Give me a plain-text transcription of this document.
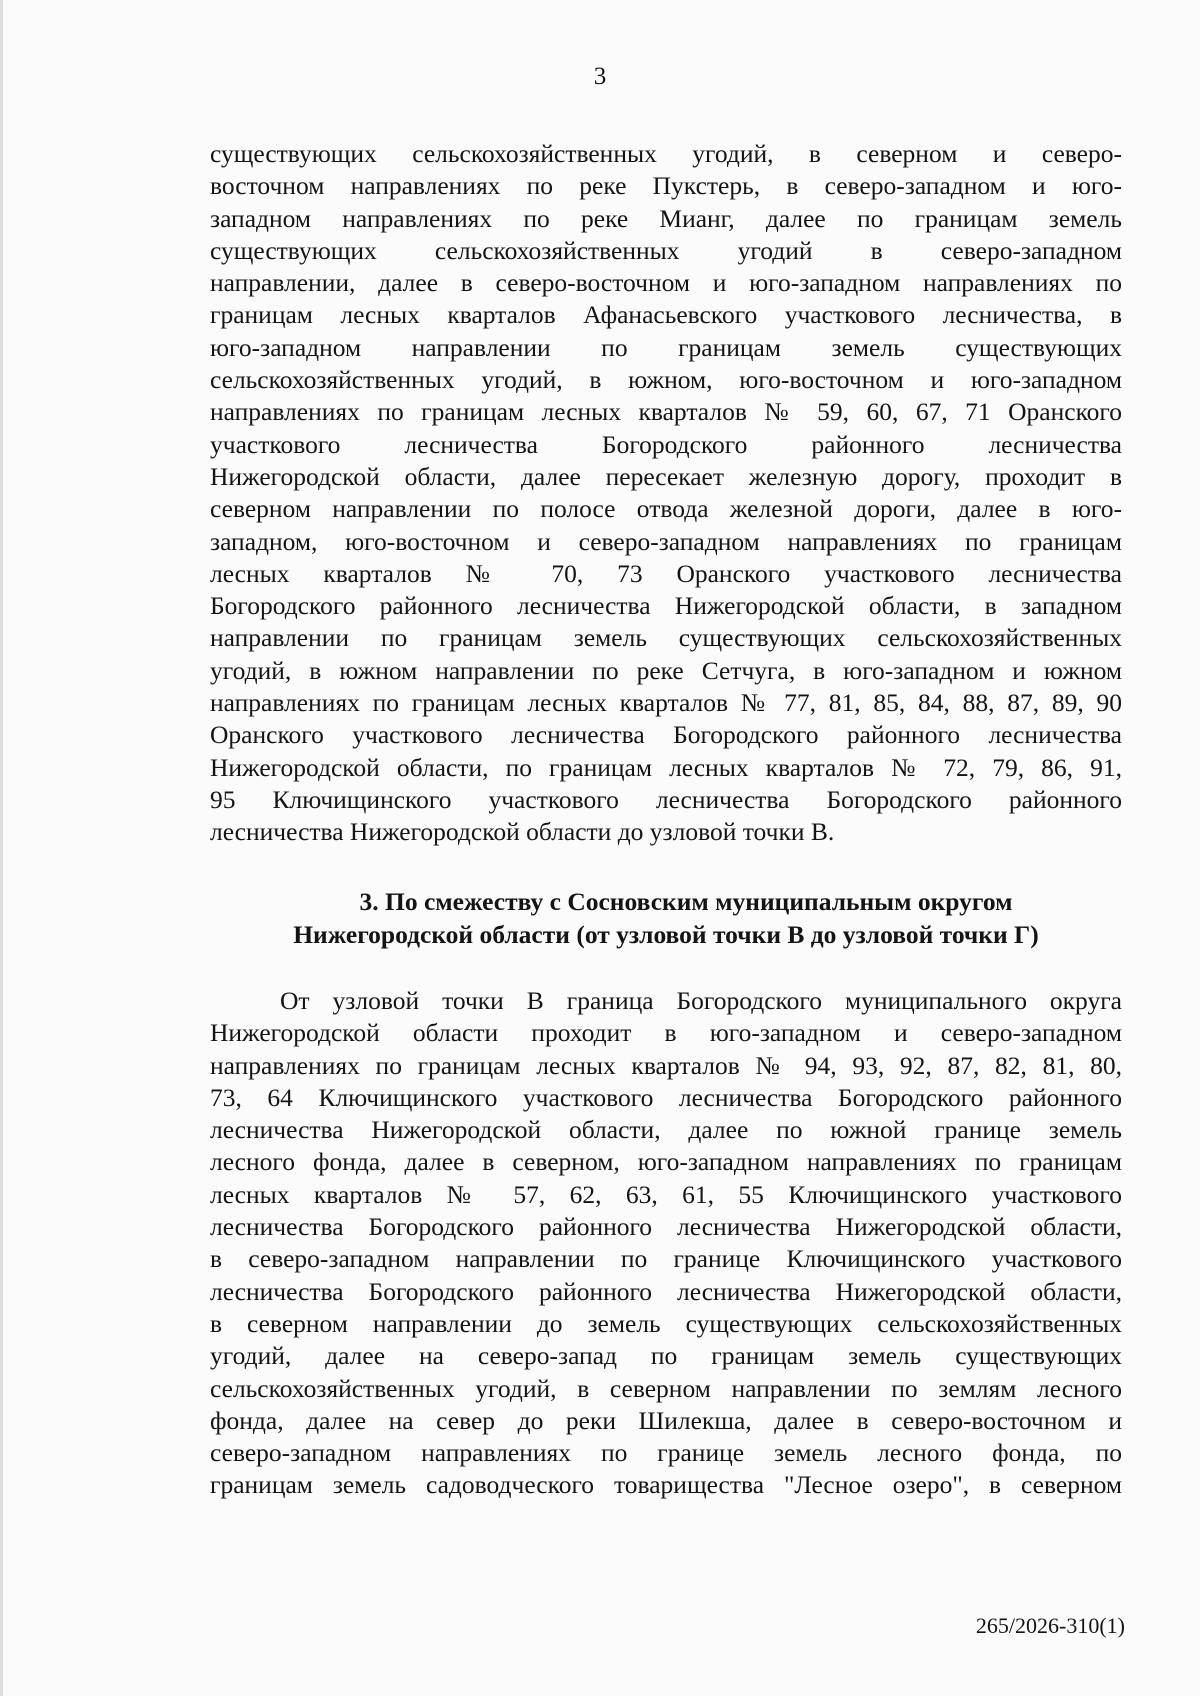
3
существующих сельскохозяйственных угодий, в северном и северо-
восточном направлениях по реке Пукстерь, в северо-западном и юго-
западном направлениях по реке Мианг, далее по границам земель
существующих сельскохозяйственных угодий в северо-западном
направлении, далее в северо-восточном и юго-западном направлениях по
границам лесных кварталов Афанасьевского участкового лесничества, в
юго-западном направлении по границам земель существующих
сельскохозяйственных угодий, в южном, юго-восточном и юго-западном
направлениях по границам лесных кварталов № 59, 60, 67, 71 Оранского
участкового лесничества Богородского районного лесничества
Нижегородской области, далее пересекает железную дорогу, проходит в
северном направлении по полосе отвода железной дороги, далее в юго-
западном, юго-восточном и северо-западном направлениях по границам
лесных кварталов № 70, 73 Оранского участкового лесничества
Богородского районного лесничества Нижегородской области, в западном
направлении по границам земель существующих сельскохозяйственных
угодий, в южном направлении по реке Сетчуга, в юго-западном и южном
направлениях по границам лесных кварталов № 77, 81, 85, 84, 88, 87, 89, 90
Оранского участкового лесничества Богородского районного лесничества
Нижегородской области, по границам лесных кварталов № 72, 79, 86, 91,
95 Ключищинского участкового лесничества Богородского районного
лесничества Нижегородской области до узловой точки В.
3. По смежеству с Сосновским муниципальным округом
Нижегородской области (от узловой точки В до узловой точки Г)
От узловой точки В граница Богородского муниципального округа
Нижегородской области проходит в юго-западном и северо-западном
направлениях по границам лесных кварталов № 94, 93, 92, 87, 82, 81, 80,
73, 64 Ключищинского участкового лесничества Богородского районного
лесничества Нижегородской области, далее по южной границе земель
лесного фонда, далее в северном, юго-западном направлениях по границам
лесных кварталов № 57, 62, 63, 61, 55 Ключищинского участкового
лесничества Богородского районного лесничества Нижегородской области,
в северо-западном направлении по границе Ключищинского участкового
лесничества Богородского районного лесничества Нижегородской области,
в северном направлении до земель существующих сельскохозяйственных
угодий, далее на северо-запад по границам земель существующих
сельскохозяйственных угодий, в северном направлении по землям лесного
фонда, далее на север до реки Шилекша, далее в северо-восточном и
северо-западном направлениях по границе земель лесного фонда, по
границам земель садоводческого товарищества "Лесное озеро", в северном
265/2026-310(1)
